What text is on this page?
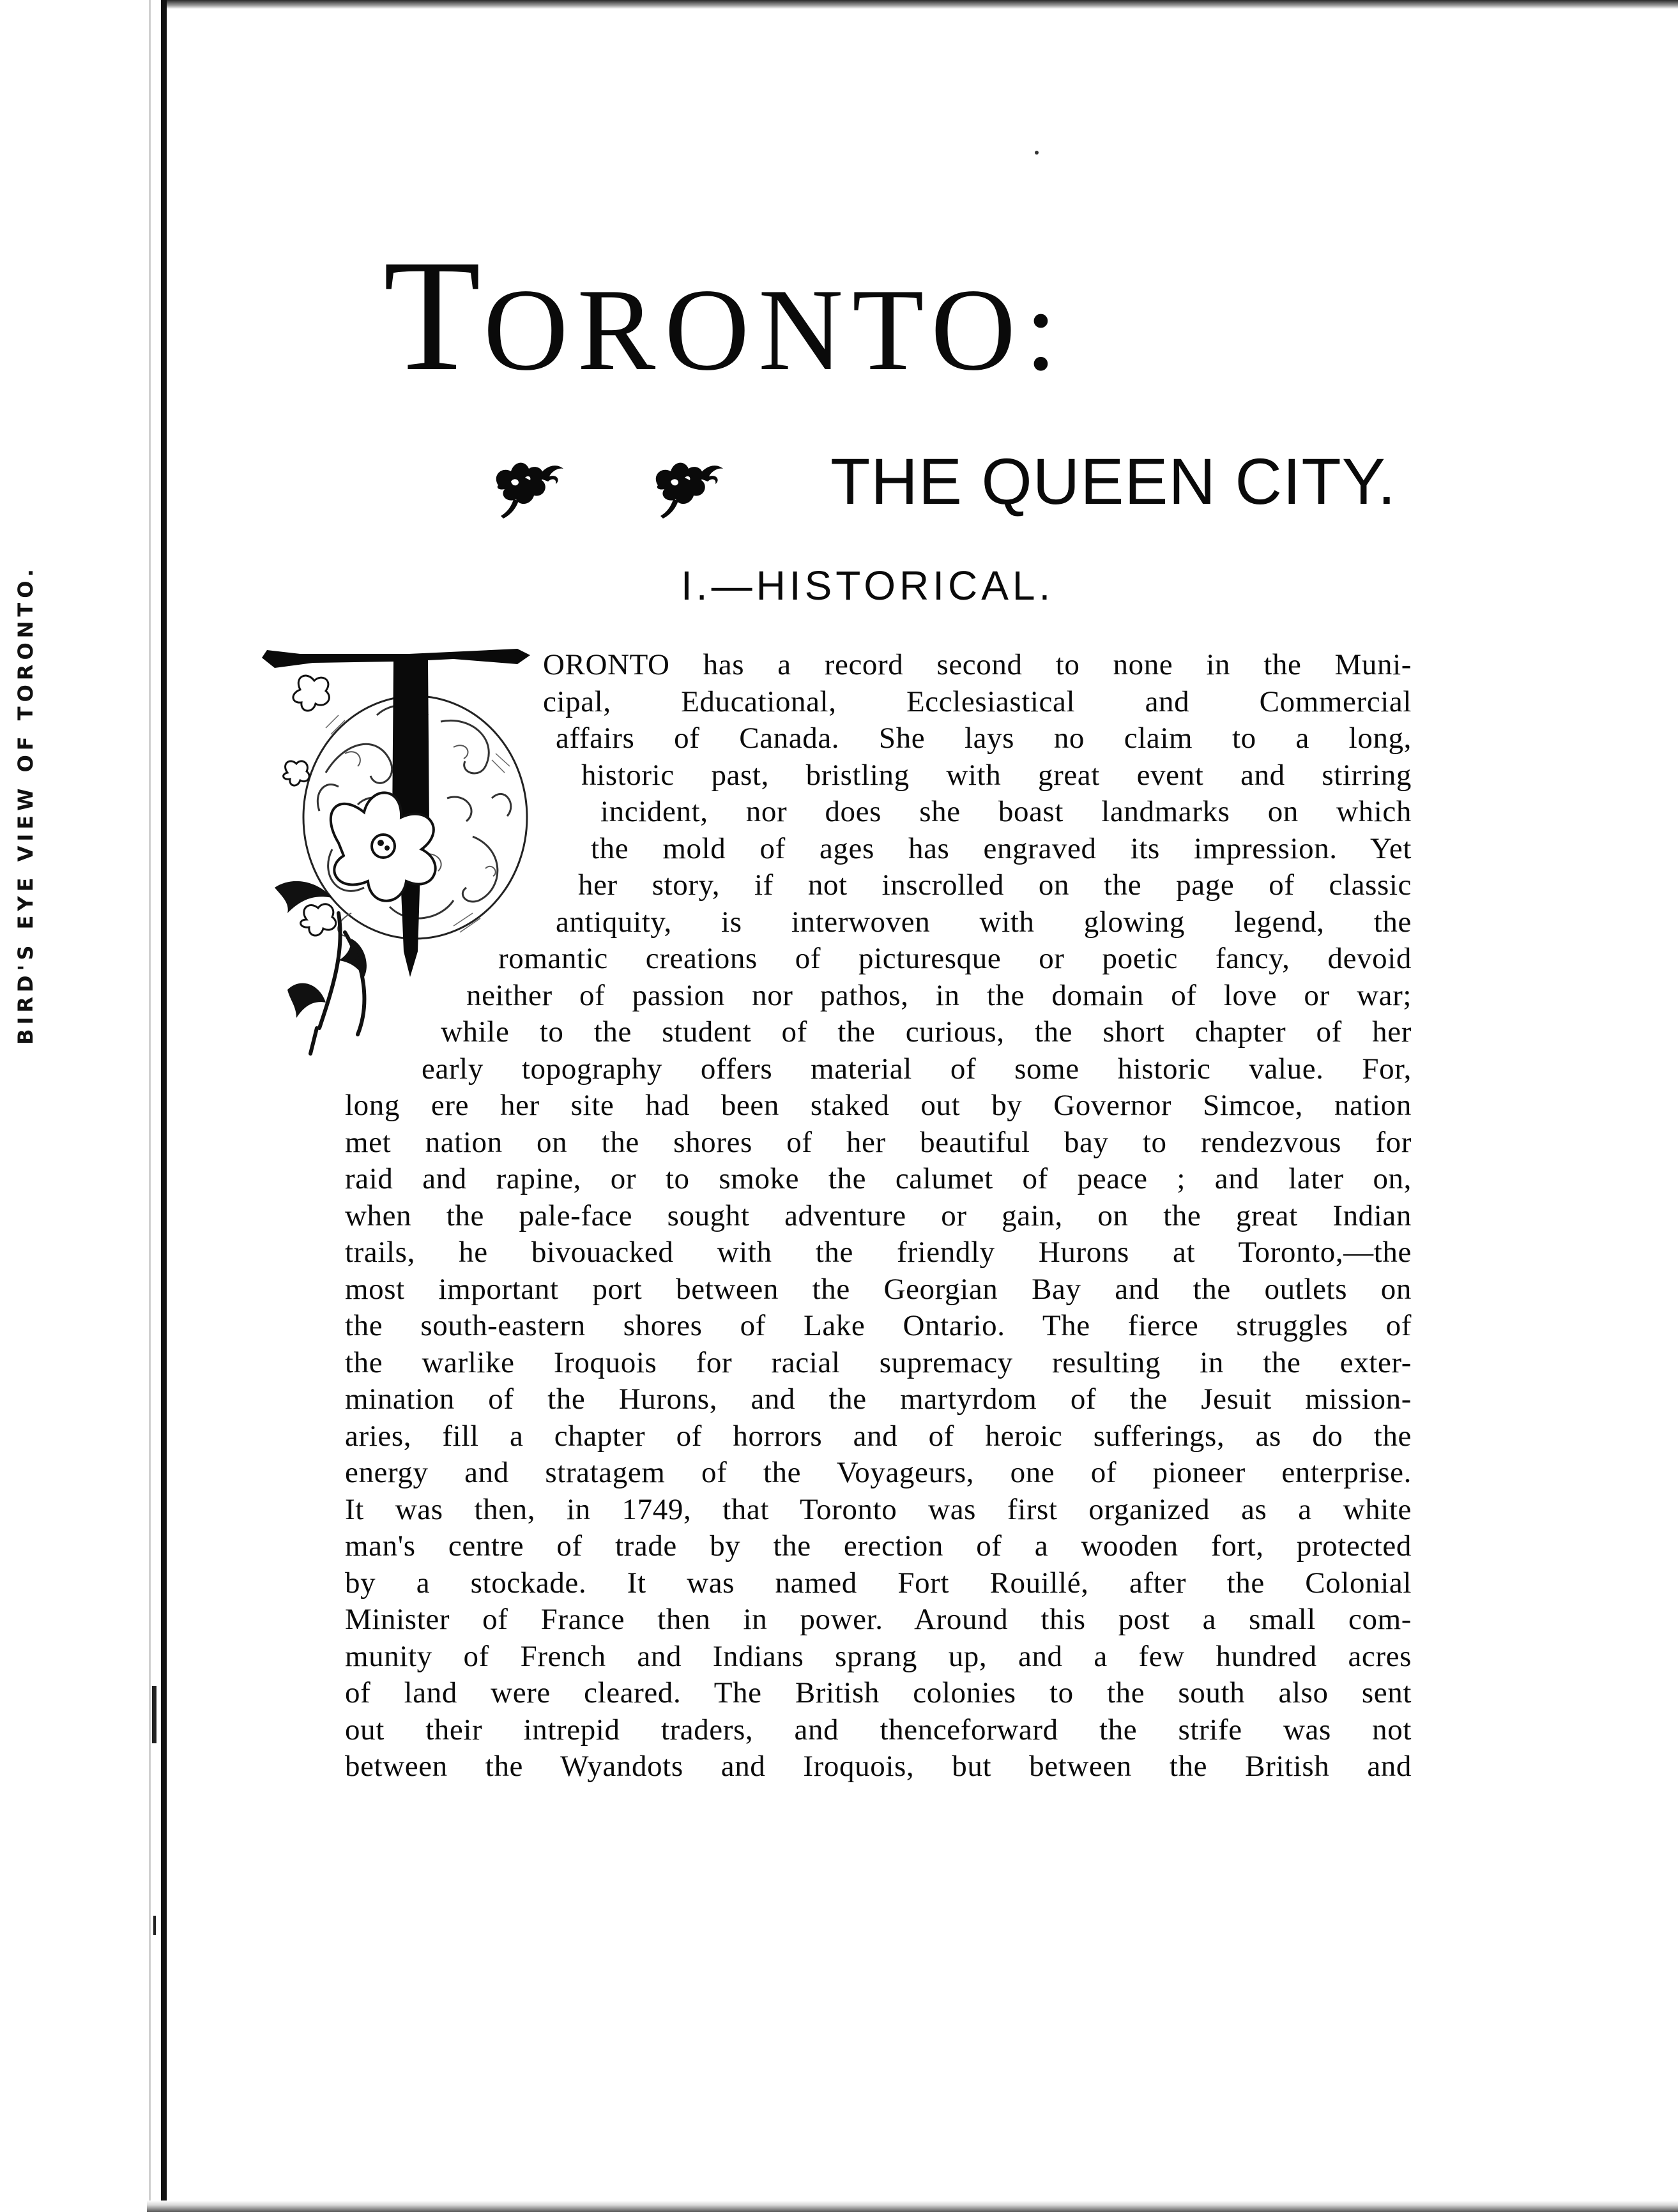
BIRD'S EYE VIEW OF TORONTO.
TORONTO:
THE QUEEN CITY.
I.—HISTORICAL.
ORONTO has a record second to none in the Muni-
cipal, Educational, Ecclesiastical and Commercial
affairs of Canada. She lays no claim to a long,
historic past, bristling with great event and stirring
incident, nor does she boast landmarks on which
the mold of ages has engraved its impression. Yet
her story, if not inscrolled on the page of classic
antiquity, is interwoven with glowing legend, the
romantic creations of picturesque or poetic fancy, devoid
neither of passion nor pathos, in the domain of love or war;
while to the student of the curious, the short chapter of her
early topography offers material of some historic value. For,
long ere her site had been staked out by Governor Simcoe, nation
met nation on the shores of her beautiful bay to rendezvous for
raid and rapine, or to smoke the calumet of peace ; and later on,
when the pale-face sought adventure or gain, on the great Indian
trails, he bivouacked with the friendly Hurons at Toronto,—the
most important port between the Georgian Bay and the outlets on
the south-eastern shores of Lake Ontario. The fierce struggles of
the warlike Iroquois for racial supremacy resulting in the exter-
mination of the Hurons, and the martyrdom of the Jesuit mission-
aries, fill a chapter of horrors and of heroic sufferings, as do the
energy and stratagem of the Voyageurs, one of pioneer enterprise.
It was then, in 1749, that Toronto was first organized as a white
man's centre of trade by the erection of a wooden fort, protected
by a stockade. It was named Fort Rouillé, after the Colonial
Minister of France then in power. Around this post a small com-
munity of French and Indians sprang up, and a few hundred acres
of land were cleared. The British colonies to the south also sent
out their intrepid traders, and thenceforward the strife was not
between the Wyandots and Iroquois, but between the British and
